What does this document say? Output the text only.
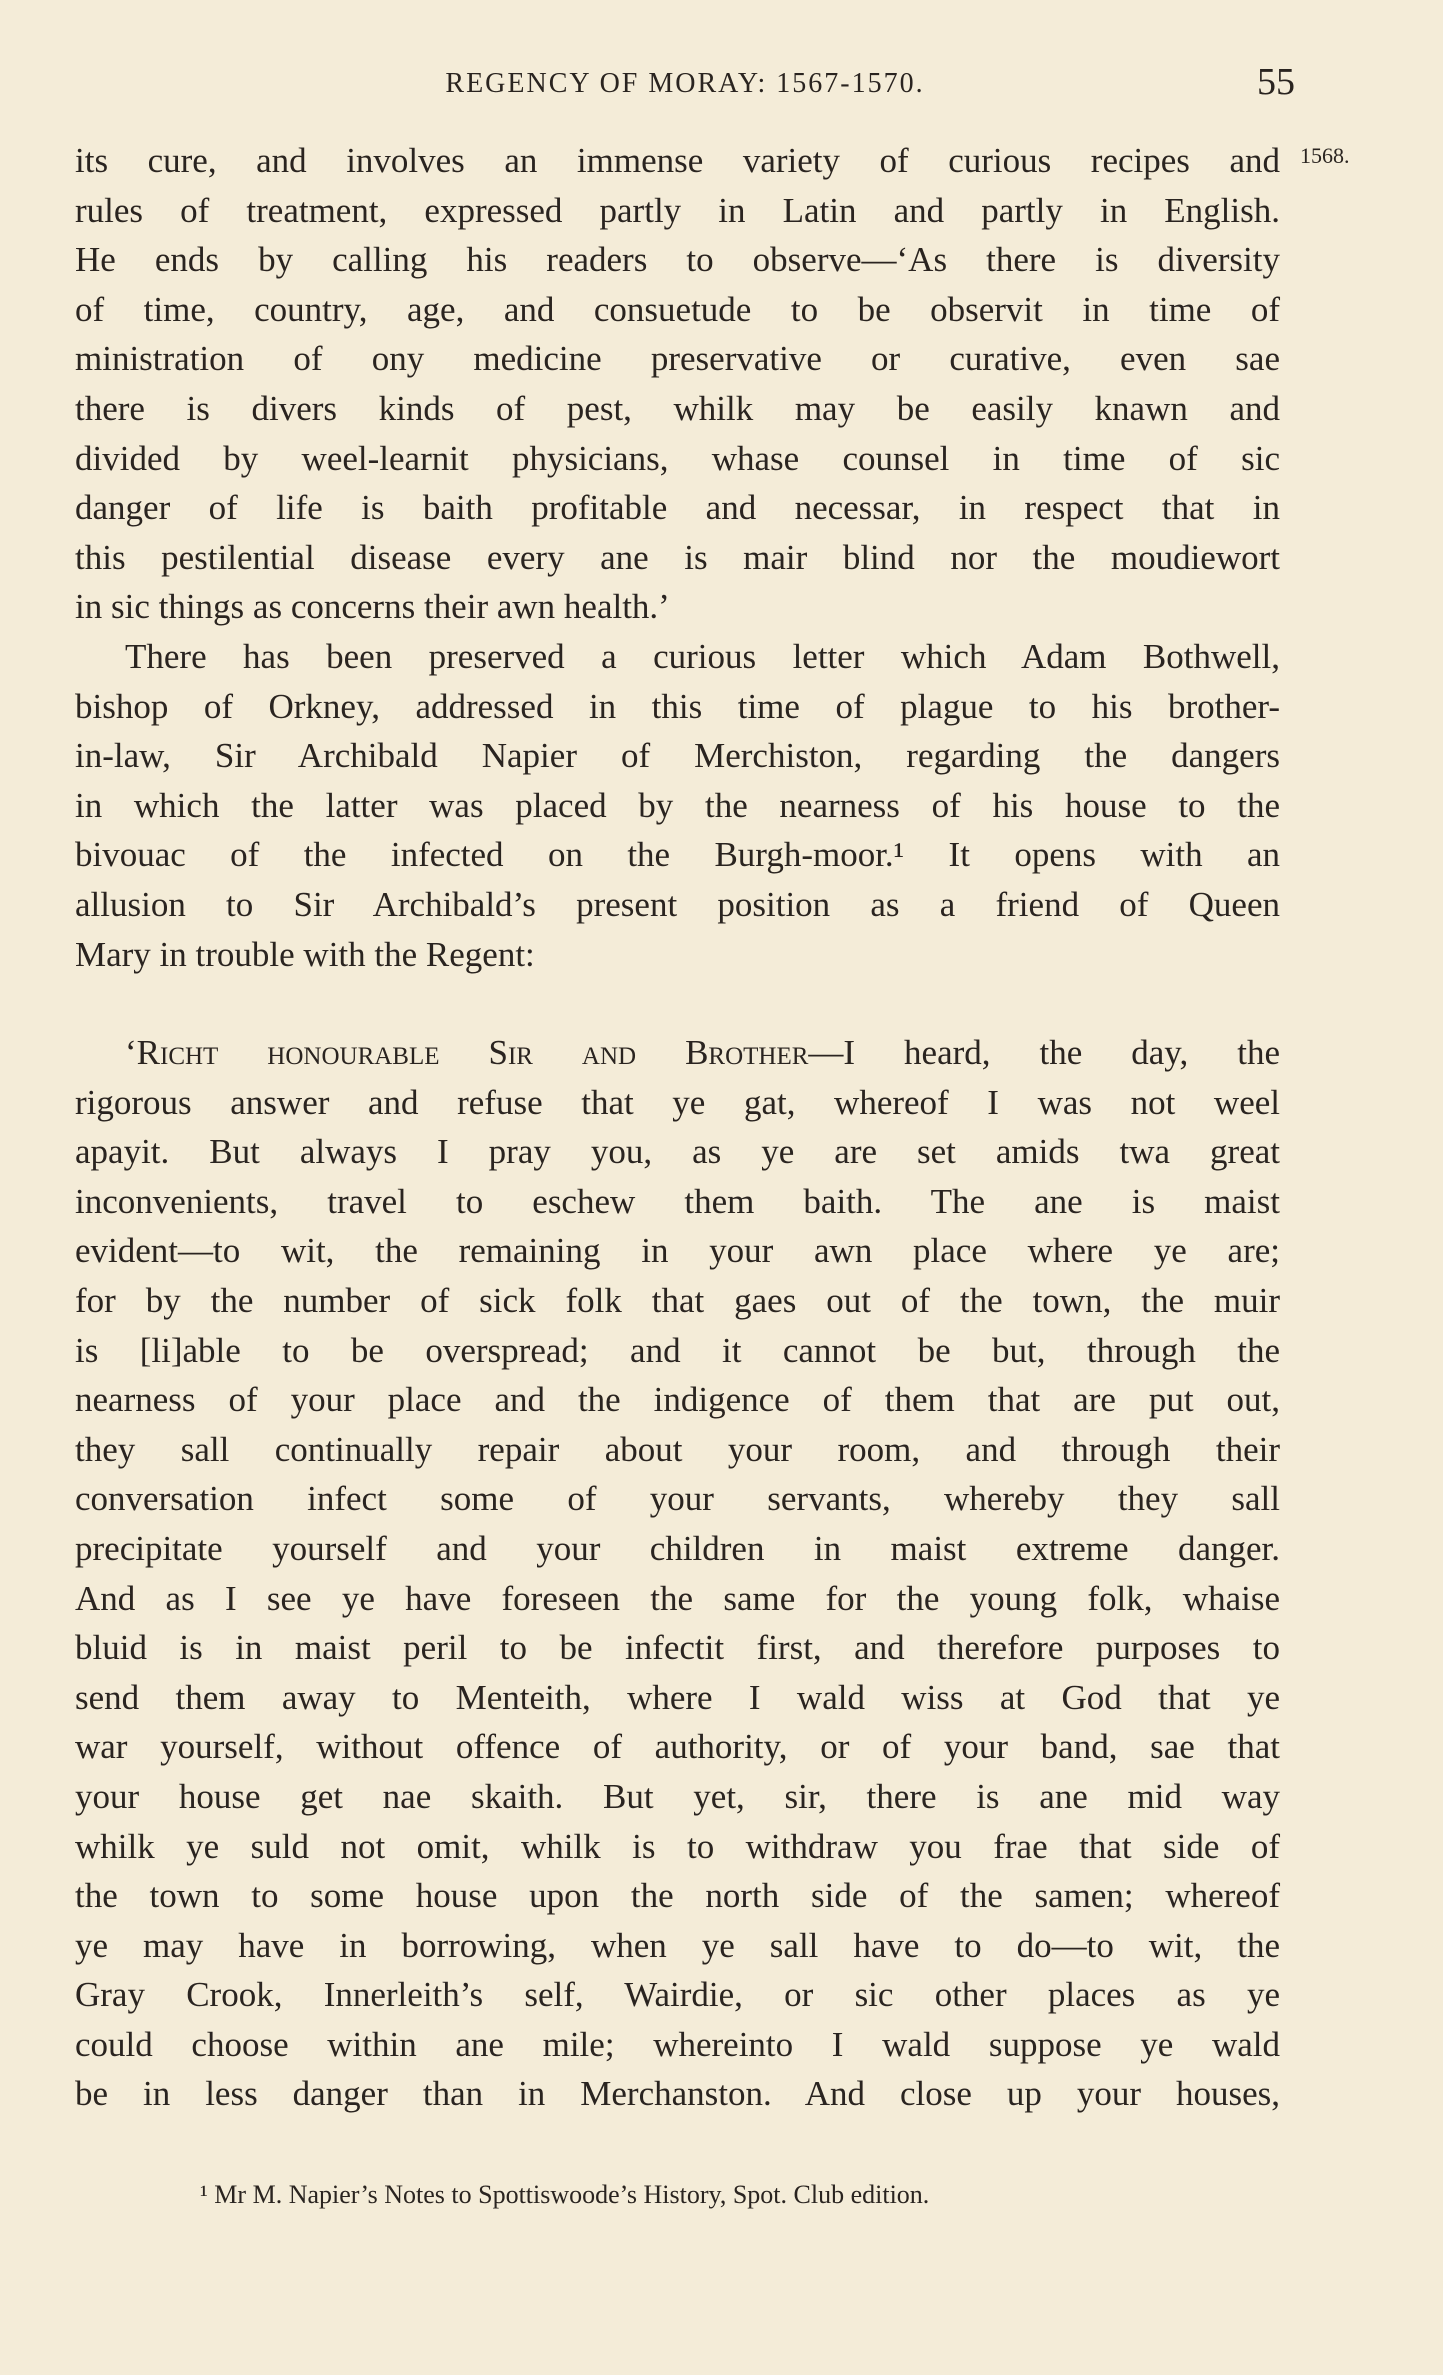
REGENCY OF MORAY: 1567-1570.	55
1568.
its cure, and involves an immense variety of curious recipes and
rules of treatment, expressed partly in Latin and partly in English.
He ends by calling his readers to observe—‘As there is diversity
of time, country, age, and consuetude to be observit in time of
ministration of ony medicine preservative or curative, even sae
there is divers kinds of pest, whilk may be easily knawn and
divided by weel-learnit physicians, whase counsel in time of sic
danger of life is baith profitable and necessar, in respect that in
this pestilential disease every ane is mair blind nor the moudiewort
in sic things as concerns their awn health.’
There has been preserved a curious letter which Adam Bothwell,
bishop of Orkney, addressed in this time of plague to his brother-
in-law, Sir Archibald Napier of Merchiston, regarding the dangers
in which the latter was placed by the nearness of his house to the
bivouac of the infected on the Burgh-moor.¹ It opens with an
allusion to Sir Archibald’s present position as a friend of Queen
Mary in trouble with the Regent:
‘Richt honourable Sir and Brother—I heard, the day, the
rigorous answer and refuse that ye gat, whereof I was not weel
apayit. But always I pray you, as ye are set amids twa great
inconvenients, travel to eschew them baith. The ane is maist
evident—to wit, the remaining in your awn place where ye are;
for by the number of sick folk that gaes out of the town, the muir
is [li]able to be overspread; and it cannot be but, through the
nearness of your place and the indigence of them that are put out,
they sall continually repair about your room, and through their
conversation infect some of your servants, whereby they sall
precipitate yourself and your children in maist extreme danger.
And as I see ye have foreseen the same for the young folk, whaise
bluid is in maist peril to be infectit first, and therefore purposes to
send them away to Menteith, where I wald wiss at God that ye
war yourself, without offence of authority, or of your band, sae that
your house get nae skaith. But yet, sir, there is ane mid way
whilk ye suld not omit, whilk is to withdraw you frae that side of
the town to some house upon the north side of the samen; whereof
ye may have in borrowing, when ye sall have to do—to wit, the
Gray Crook, Innerleith’s self, Wairdie, or sic other places as ye
could choose within ane mile; whereinto I wald suppose ye wald
be in less danger than in Merchanston. And close up your houses,
¹ Mr M. Napier’s Notes to Spottiswoode’s History, Spot. Club edition.
